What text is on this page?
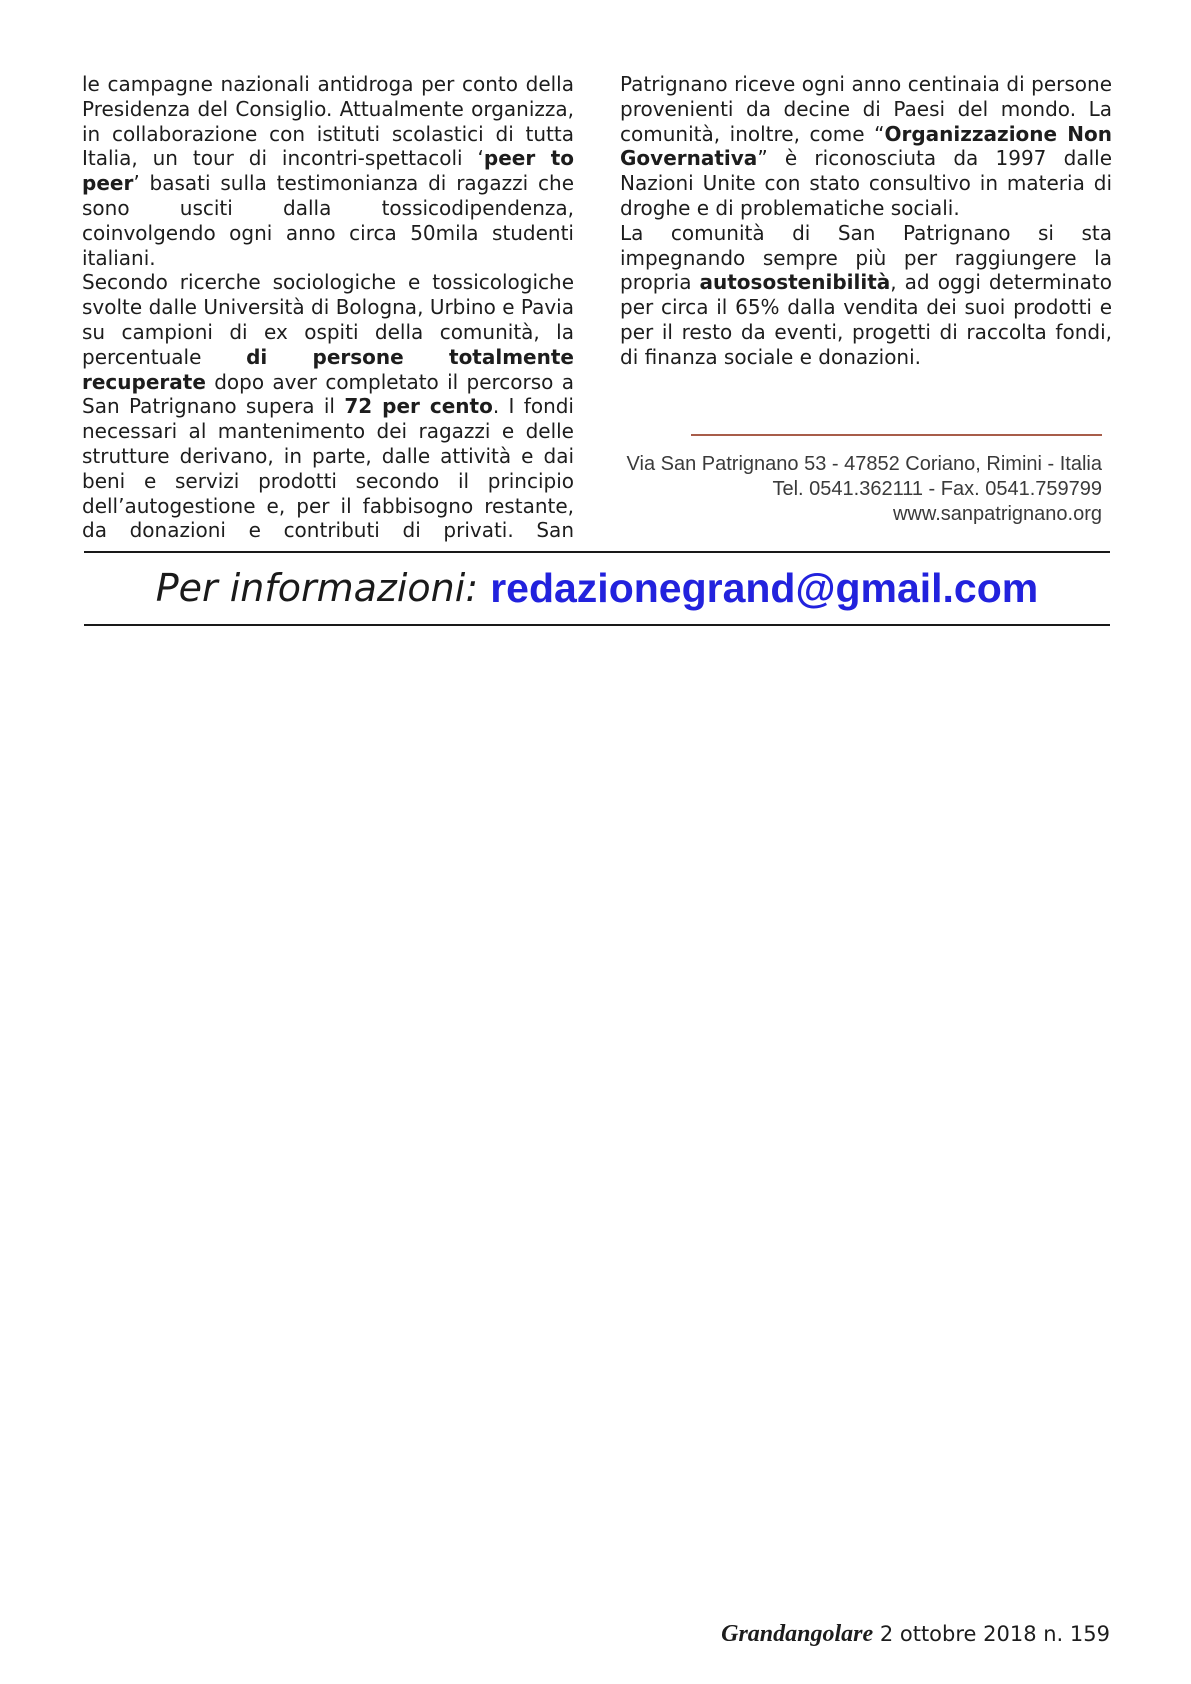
le campagne nazionali antidroga per conto della Presidenza del Consiglio. Attualmente organizza, in collaborazione con istituti scolastici di tutta Italia, un tour di incontri-spettacoli ‘peer to peer’ basati sulla testimonianza di ragazzi che sono usciti dalla tossicodipendenza, coinvolgendo ogni anno circa 50mila studenti italiani.

Secondo ricerche sociologiche e tossicologiche svolte dalle Università di Bologna, Urbino e Pavia su campioni di ex ospiti della comunità, la percentuale di persone totalmente recuperate dopo aver completato il percorso a San Patrignano supera il 72 per cento. I fondi necessari al mantenimento dei ragazzi e delle strutture derivano, in parte, dalle attività e dai beni e servizi prodotti secondo il principio dell’autogestione e, per il fabbisogno restante, da donazioni e contributi di privati. San

Patrignano riceve ogni anno centinaia di persone provenienti da decine di Paesi del mondo. La comunità, inoltre, come “Organizzazione Non Governativa” è riconosciuta da 1997 dalle Nazioni Unite con stato consultivo in materia di droghe e di problematiche sociali.

La comunità di San Patrignano si sta impegnando sempre più per raggiungere la propria autosostenibilità, ad oggi determinato per circa il 65% dalla vendita dei suoi prodotti e per il resto da eventi, progetti di raccolta fondi, di finanza sociale e donazioni.

Via San Patrignano 53 - 47852 Coriano, Rimini - Italia
Tel. 0541.362111 - Fax. 0541.759799
www.sanpatrignano.org
Per informazioni: redazionegrand@gmail.com

Grandangolare 2 ottobre 2018 n. 159
